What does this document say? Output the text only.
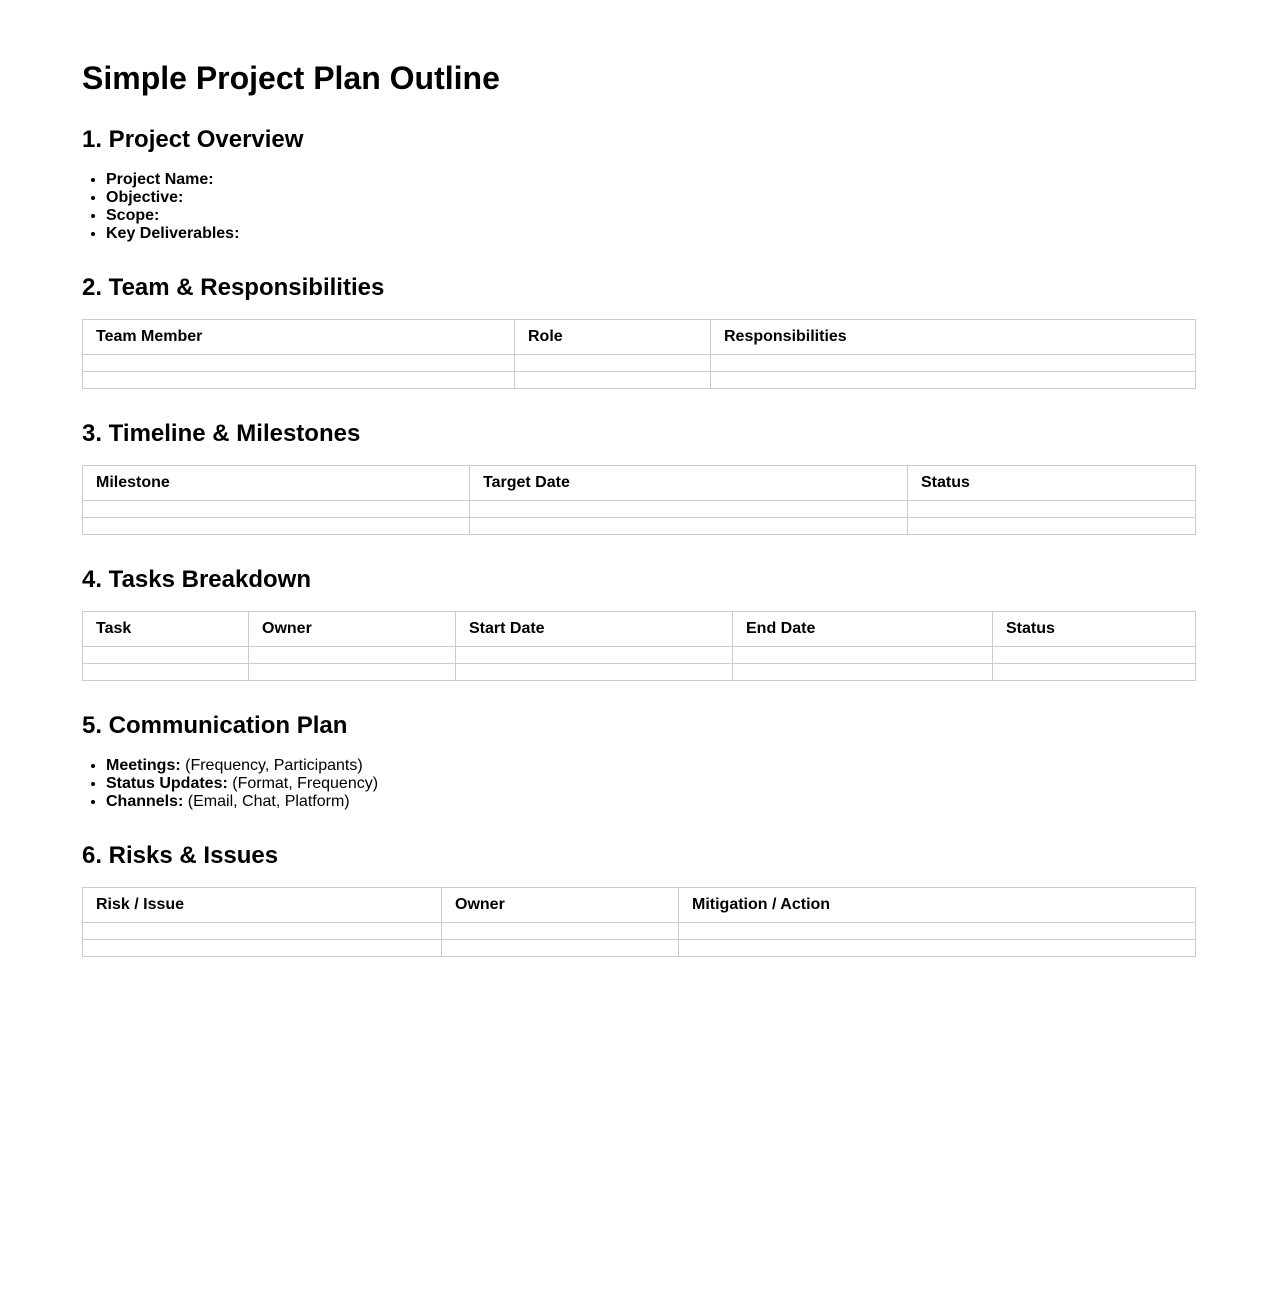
Simple Project Plan Outline
1. Project Overview
• Project Name:
• Objective:
• Scope:
• Key Deliverables:
2. Team & Responsibilities
Team Member	Role	Responsibilities

3. Timeline & Milestones
Milestone	Target Date	Status

4. Tasks Breakdown
Task	Owner	Start Date	End Date	Status

5. Communication Plan
• Meetings: (Frequency, Participants)
• Status Updates: (Format, Frequency)
• Channels: (Email, Chat, Platform)
6. Risks & Issues
Risk / Issue	Owner	Mitigation / Action
